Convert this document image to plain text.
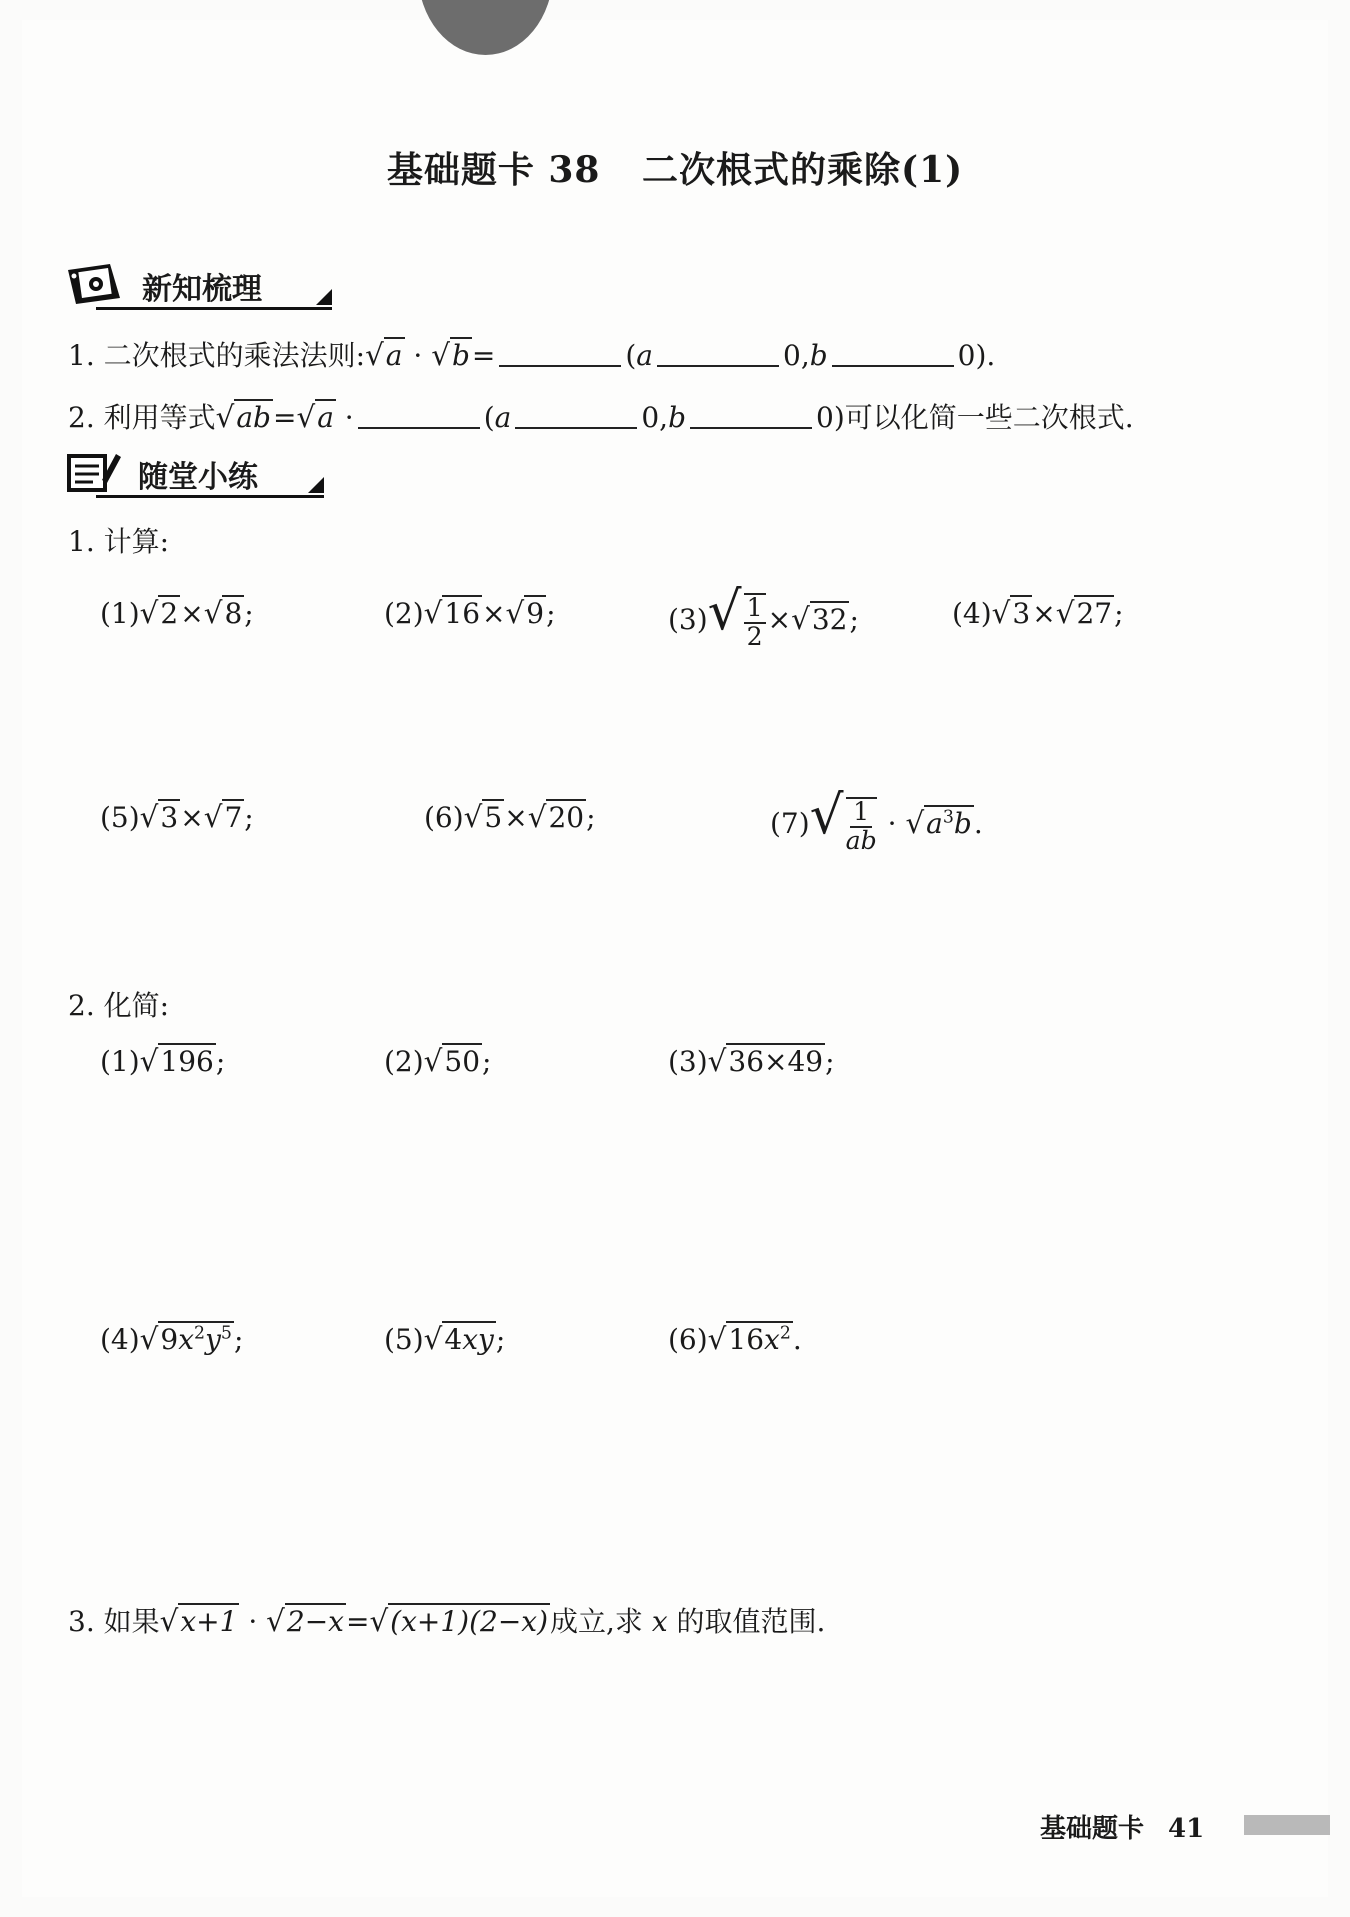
基础题卡 38 二次根式的乘除(1)
新知梳理
1. 二次根式的乘法法则:√a · √b=	(a	0,b	0).
2. 利用等式√ab=√a ·	(a	0,b	0)可以化简一些二次根式.
随堂小练
1. 计算:
(1)√2×√8;	(2)√16×√9;	$(3)√ \frac{1}{2} \times√32$;	(4)√3×√27;
(5)√3×√7;	(6)√5×√20;	$(7)√ \frac{1}{ab} \cdot √a^3b$.
2. 化简:
(1)√196;	(2)√50;	(3)√36×49;
$(4)√9x^2y^5$;	(5)√4xy;	$(6)√16x^2$.
3. 如果√x+1 · √2−x=√(x+1)(2−x)成立,求 x 的取值范围.
基础题卡 41
